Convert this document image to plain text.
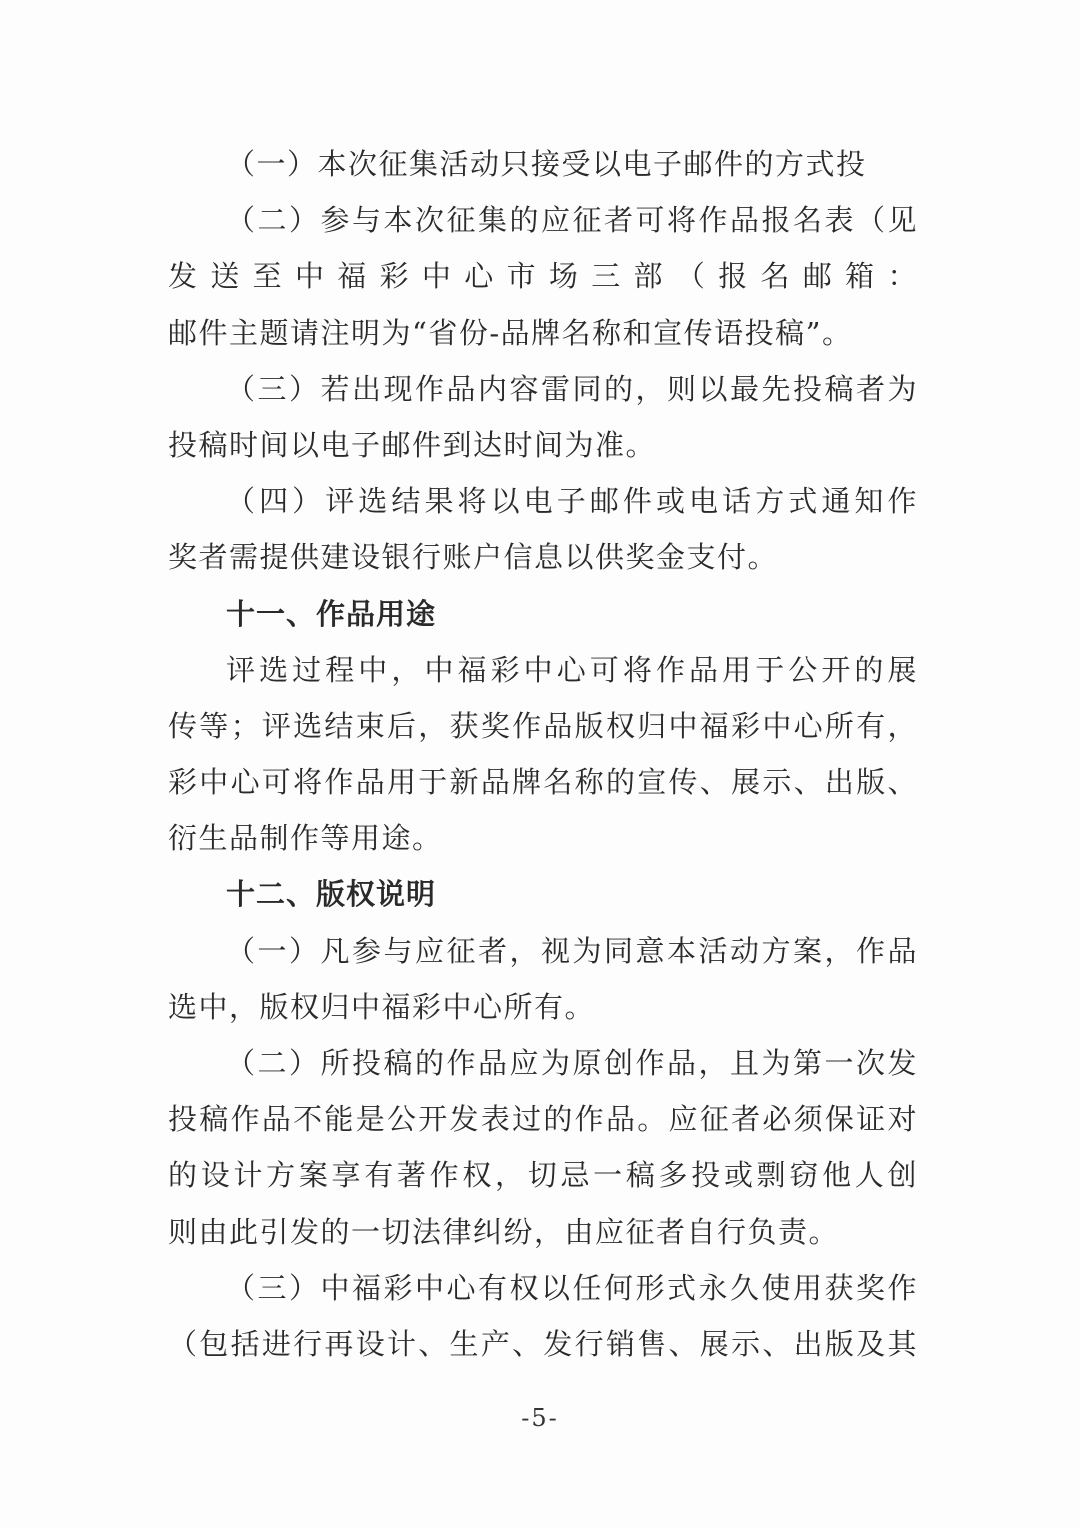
（一）本次征集活动只接受以电子邮件的方式投
（二）参与本次征集的应征者可将作品报名表（见
发送至中福彩中心市场三部（报名邮箱：
邮件主题请注明为“省份-品牌名称和宣传语投稿”。
（三）若出现作品内容雷同的，则以最先投稿者为
投稿时间以电子邮件到达时间为准。
（四）评选结果将以电子邮件或电话方式通知作
奖者需提供建设银行账户信息以供奖金支付。
十一、作品用途
评选过程中，中福彩中心可将作品用于公开的展
传等；评选结束后，获奖作品版权归中福彩中心所有，
彩中心可将作品用于新品牌名称的宣传、展示、出版、
衍生品制作等用途。
十二、版权说明
（一）凡参与应征者，视为同意本活动方案，作品
选中，版权归中福彩中心所有。
（二）所投稿的作品应为原创作品，且为第一次发
投稿作品不能是公开发表过的作品。应征者必须保证对
的设计方案享有著作权，切忌一稿多投或剽窃他人创
则由此引发的一切法律纠纷，由应征者自行负责。
（三）中福彩中心有权以任何形式永久使用获奖作
（包括进行再设计、生产、发行销售、展示、出版及其
-5-
